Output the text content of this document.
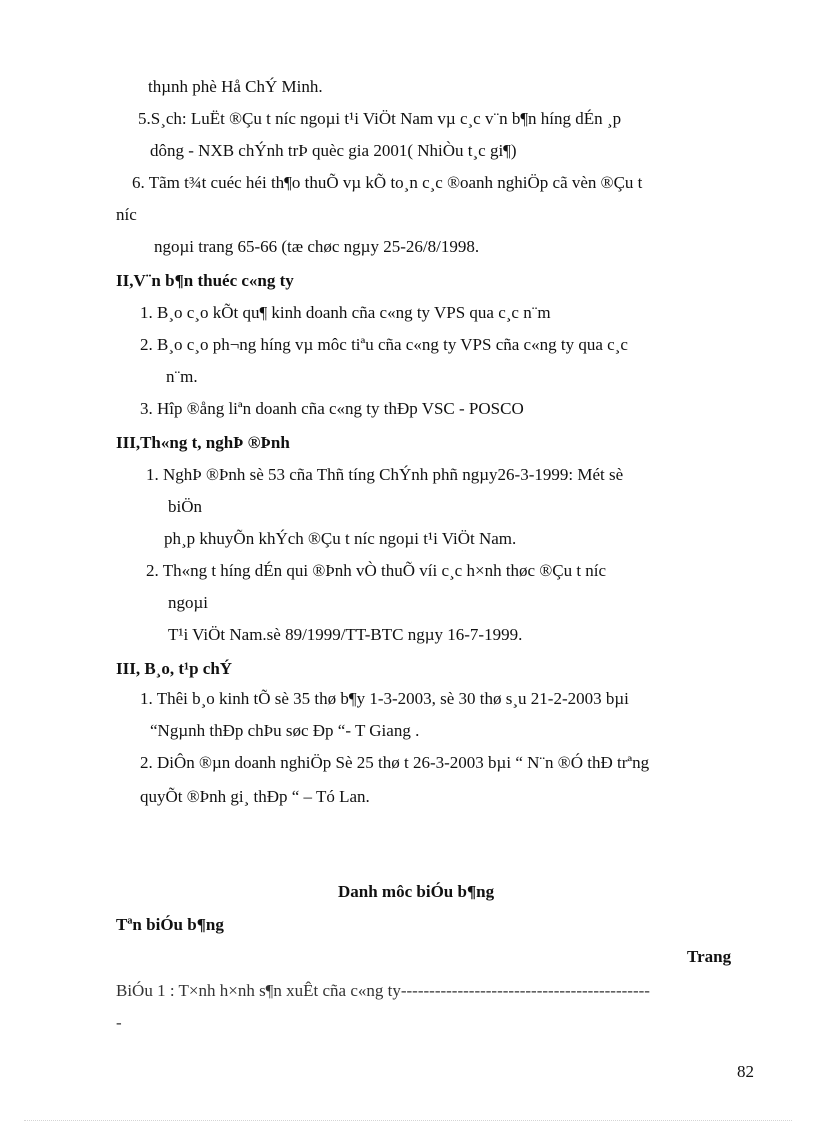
thµnh phè Hå ChÝ Minh.
5.S¸ch: LuËt ®Çu t níc ngoµi t¹i ViÖt Nam vµ c¸c v¨n b¶n híng dÉn ¸p
dông - NXB chÝnh trÞ quèc gia 2001( NhiÒu t¸c gi¶)
6. Tãm t¾t cuéc héi th¶o thuÕ vµ kÕ to¸n c¸c ®oanh nghiÖp cã vèn ®Çu t
níc
ngoµi trang 65-66 (tæ chøc ngµy 25-26/8/1998.
II,V¨n b¶n thuéc c«ng ty
1. B¸o c¸o kÕt qu¶ kinh doanh cña c«ng ty VPS qua c¸c n¨m
2. B¸o c¸o ph¬ng híng vµ môc tiªu cña c«ng ty VPS cña c«ng ty qua c¸c
n¨m.
3. Hîp ®ång liªn doanh cña c«ng ty thÐp VSC - POSCO
III,Th«ng t, nghÞ ®Þnh
1. NghÞ ®Þnh sè 53 cña Thñ tíng ChÝnh phñ ngµy26-3-1999: Mét sè
biÖn
ph¸p khuyÕn khÝch ®Çu t níc ngoµi t¹i ViÖt Nam.
2. Th«ng t híng dÉn qui ®Þnh vÒ thuÕ víi c¸c h×nh thøc ®Çu t níc
ngoµi
T¹i ViÖt Nam.sè 89/1999/TT-BTC ngµy 16-7-1999.
III, B¸o, t¹p chÝ
1. Thêi b¸o kinh tÕ sè 35 thø b¶y 1-3-2003, sè 30 thø s¸u 21-2-2003 bµi
“Ngµnh thÐp chÞu søc Ðp “- T Giang .
2. DiÔn ®µn doanh nghiÖp Sè 25 thø t 26-3-2003 bµi “ N¨n ®Ó thÐ trªng
quyÕt ®Þnh gi¸ thÐp “ – Tó Lan.
Danh môc biÓu b¶ng
Tªn biÓu b¶ng
Trang
BiÓu 1 : T×nh h×nh s¶n xuÊt cña c«ng ty--------------------------------------------
-
82
